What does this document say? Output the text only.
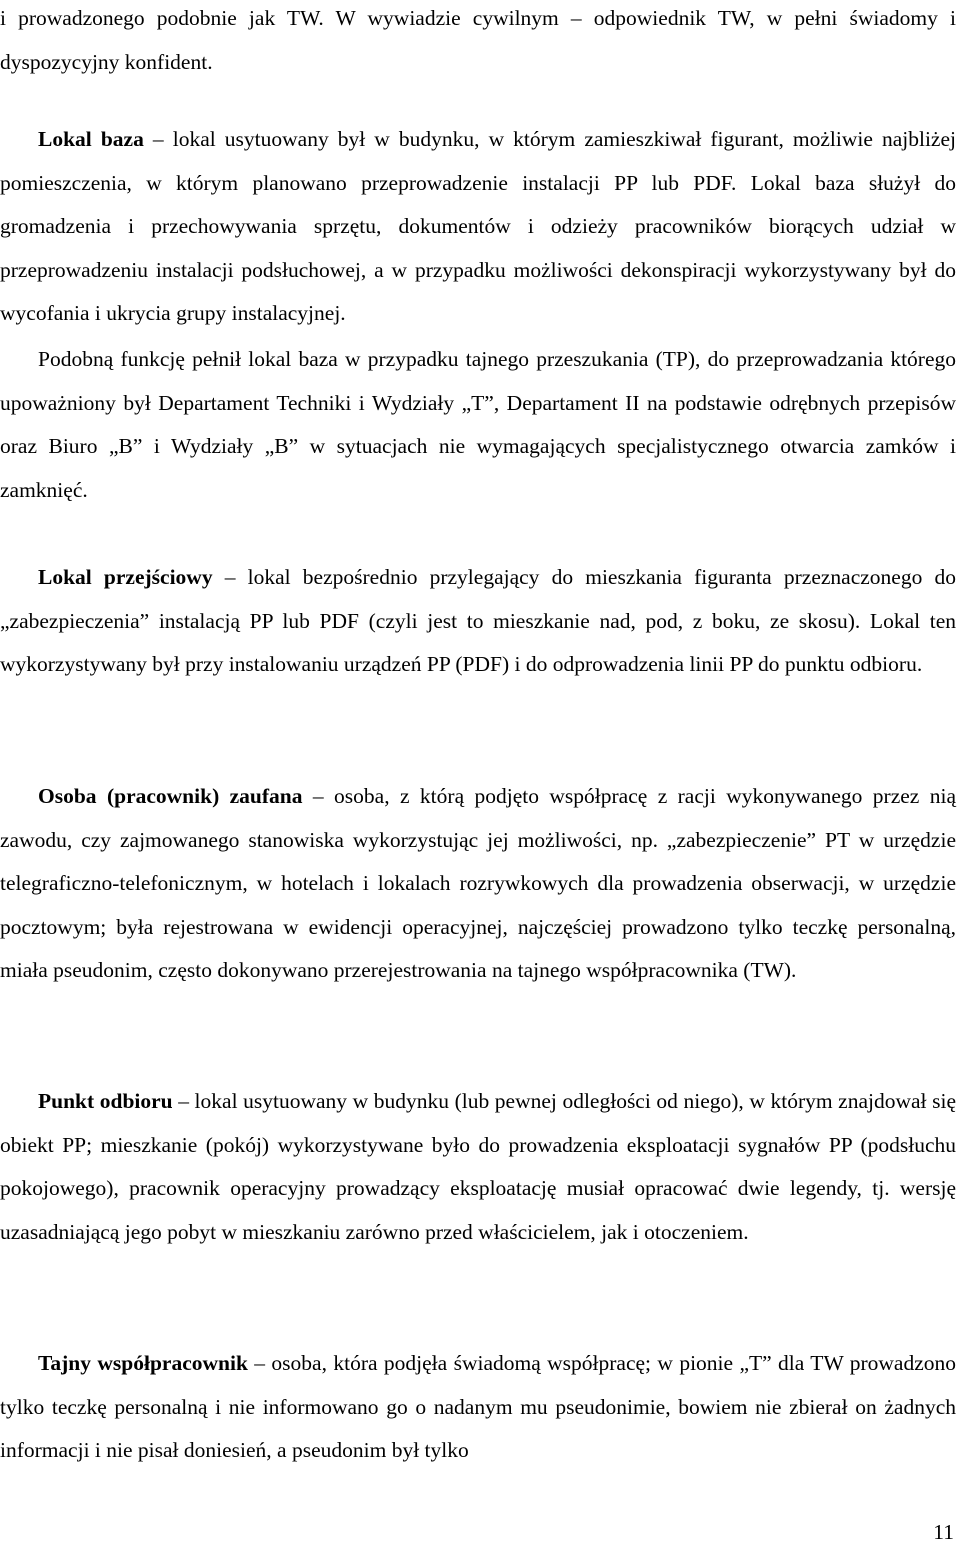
i prowadzonego podobnie jak TW. W wywiadzie cywilnym – odpowiednik TW, w pełni świadomy i dyspozycyjny konfident.

Lokal baza – lokal usytuowany był w budynku, w którym zamieszkiwał figurant, możliwie najbliżej pomieszczenia, w którym planowano przeprowadzenie instalacji PP lub PDF. Lokal baza służył do gromadzenia i przechowywania sprzętu, dokumentów i odzieży pracowników biorących udział w przeprowadzeniu instalacji podsłuchowej, a w przypadku możliwości dekonspiracji wykorzystywany był do wycofania i ukrycia grupy instalacyjnej.

Podobną funkcję pełnił lokal baza w przypadku tajnego przeszukania (TP), do przeprowadzania którego upoważniony był Departament Techniki i Wydziały „T”, Departament II na podstawie odrębnych przepisów oraz Biuro „B” i Wydziały „B” w sytuacjach nie wymagających specjalistycznego otwarcia zamków i zamknięć.

Lokal przejściowy – lokal bezpośrednio przylegający do mieszkania figuranta przeznaczonego do „zabezpieczenia” instalacją PP lub PDF (czyli jest to mieszkanie nad, pod, z boku, ze skosu). Lokal ten wykorzystywany był przy instalowaniu urządzeń PP (PDF) i do odprowadzenia linii PP do punktu odbioru.

Osoba (pracownik) zaufana – osoba, z którą podjęto współpracę z racji wykonywanego przez nią zawodu, czy zajmowanego stanowiska wykorzystując jej możliwości, np. „zabezpieczenie” PT w urzędzie telegraficzno-telefonicznym, w hotelach i lokalach rozrywkowych dla prowadzenia obserwacji, w urzędzie pocztowym; była rejestrowana w ewidencji operacyjnej, najczęściej prowadzono tylko teczkę personalną, miała pseudonim, często dokonywano przerejestrowania na tajnego współpracownika (TW).

Punkt odbioru – lokal usytuowany w budynku (lub pewnej odległości od niego), w którym znajdował się obiekt PP; mieszkanie (pokój) wykorzystywane było do prowadzenia eksploatacji sygnałów PP (podsłuchu pokojowego), pracownik operacyjny prowadzący eksploatację musiał opracować dwie legendy, tj. wersję uzasadniającą jego pobyt w mieszkaniu zarówno przed właścicielem, jak i otoczeniem.

Tajny współpracownik – osoba, która podjęła świadomą współpracę; w pionie „T” dla TW prowadzono tylko teczkę personalną i nie informowano go o nadanym mu pseudonimie, bowiem nie zbierał on żadnych informacji i nie pisał doniesień, a pseudonim był tylko

11
